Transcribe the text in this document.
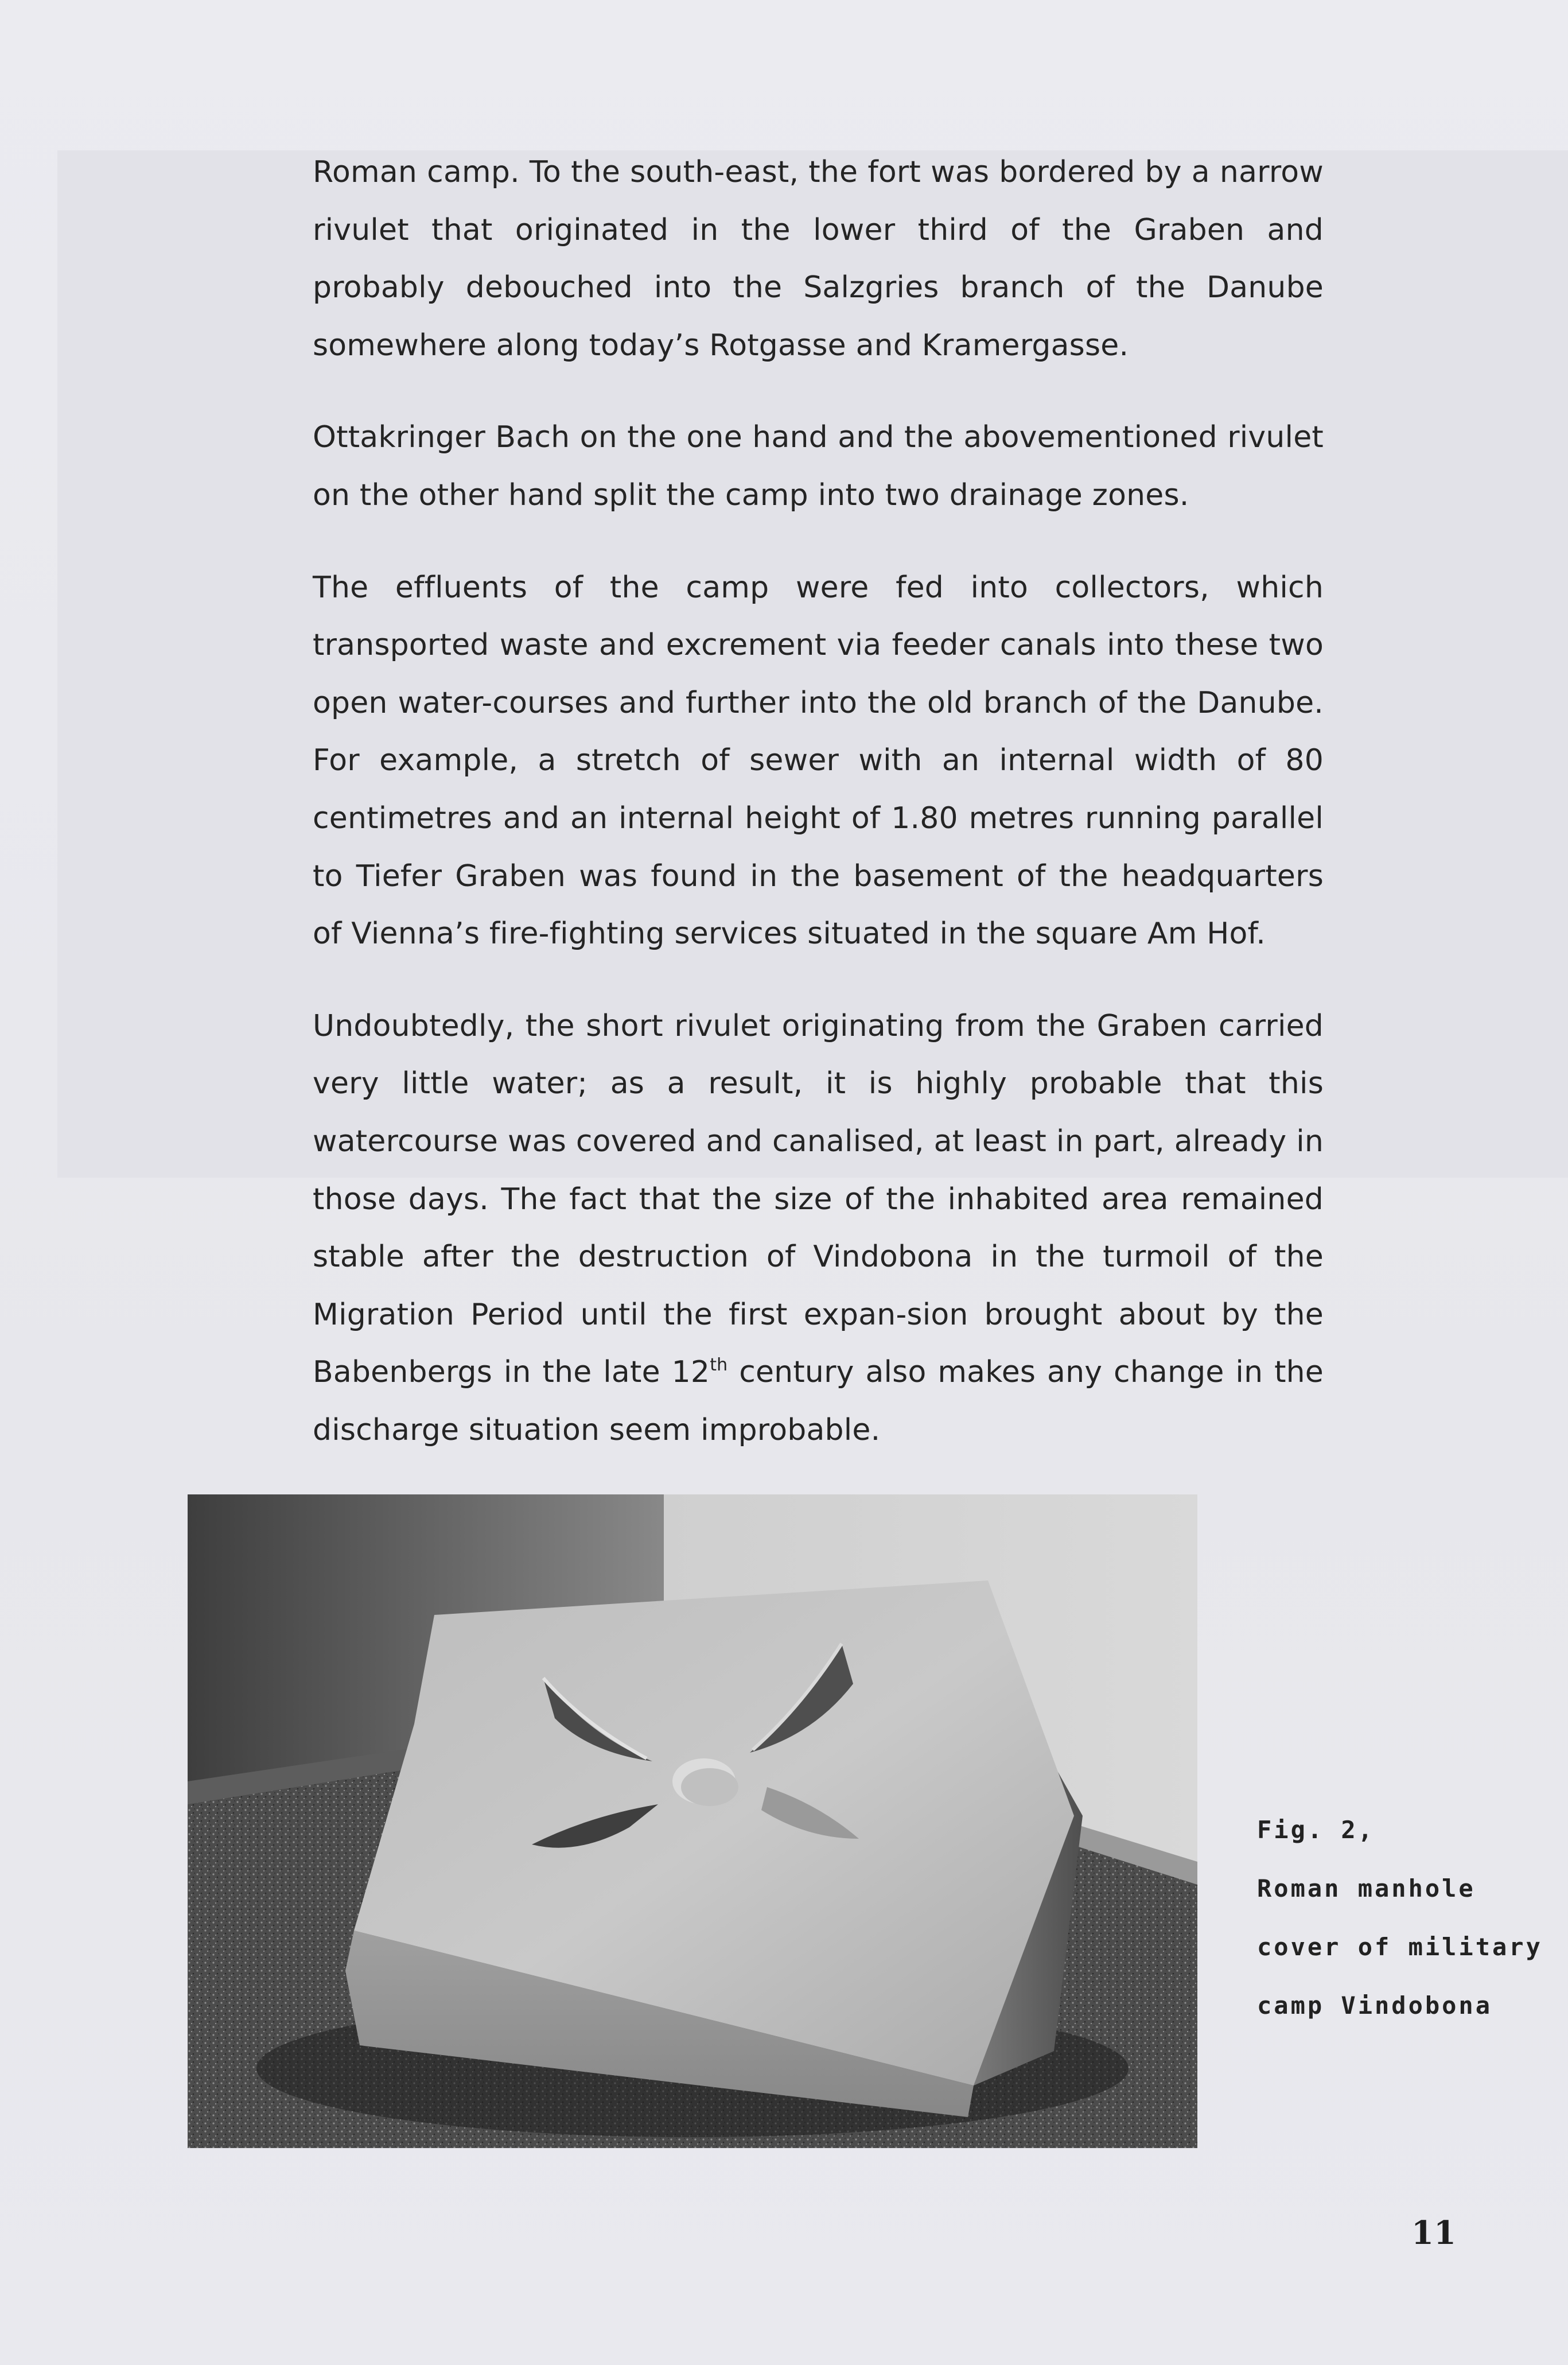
Roman camp. To the south-east, the fort was bordered by a narrow rivulet that originated in the lower third of the Graben and probably debouched into the Salzgries branch of the Danube somewhere along today’s Rotgasse and Kramergasse.

Ottakringer Bach on the one hand and the abovementioned rivulet on the other hand split the camp into two drainage zones.

The effluents of the camp were fed into collectors, which transported waste and excrement via feeder canals into these two open water-courses and further into the old branch of the Danube. For example, a stretch of sewer with an internal width of 80 centimetres and an internal height of 1.80 metres running parallel to Tiefer Graben was found in the basement of the headquarters of Vienna’s fire-fighting services situated in the square Am Hof.

Undoubtedly, the short rivulet originating from the Graben carried very little water; as a result, it is highly probable that this watercourse was covered and canalised, at least in part, already in those days. The fact that the size of the inhabited area remained stable after the destruction of Vindobona in the turmoil of the Migration Period until the first expan-sion brought about by the Babenbergs in the late 12th century also makes any change in the discharge situation seem improbable.

Fig. 2,
Roman manhole
cover of military
camp Vindobona
11
